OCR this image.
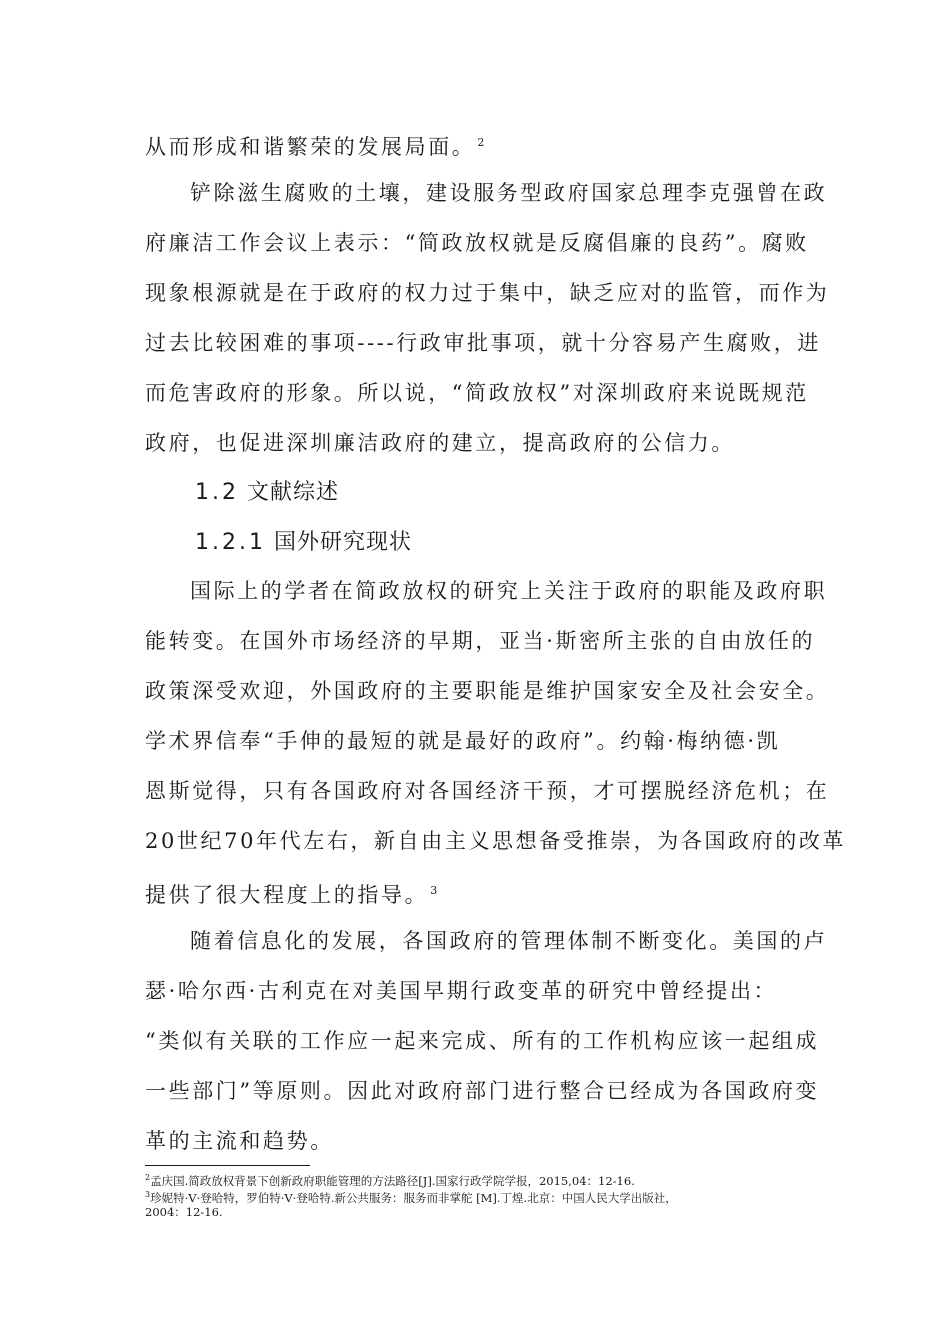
从而形成和谐繁荣的发展局面。 $^2$
铲除滋生腐败的土壤，建设服务型政府国家总理李克强曾在政
府廉洁工作会议上表示：“简政放权就是反腐倡廉的良药”。腐败
现象根源就是在于政府的权力过于集中，缺乏应对的监管，而作为
过去比较困难的事项----行政审批事项，就十分容易产生腐败，进
而危害政府的形象。所以说，“简政放权”对深圳政府来说既规范
政府，也促进深圳廉洁政府的建立，提高政府的公信力。
1.2 文献综述
1.2.1 国外研究现状
国际上的学者在简政放权的研究上关注于政府的职能及政府职
能转变。在国外市场经济的早期，亚当·斯密所主张的自由放任的
政策深受欢迎，外国政府的主要职能是维护国家安全及社会安全。
学术界信奉“手伸的最短的就是最好的政府”。约翰·梅纳德·凯
恩斯觉得，只有各国政府对各国经济干预，才可摆脱经济危机；在
20世纪70年代左右，新自由主义思想备受推崇，为各国政府的改革
提供了很大程度上的指导。 $^3$
随着信息化的发展，各国政府的管理体制不断变化。美国的卢
瑟·哈尔西·古利克在对美国早期行政变革的研究中曾经提出：
“类似有关联的工作应一起来完成、所有的工作机构应该一起组成
一些部门”等原则。因此对政府部门进行整合已经成为各国政府变
革的主流和趋势。
$^2$孟庆国.简政放权背景下创新政府职能管理的方法路径[J].国家行政学院学报，2015,04：12-16.
$^3$珍妮特·V·登哈特，罗伯特·V·登哈特.新公共服务：服务而非掌舵 [M].丁煌.北京：中国人民大学出版社，
2004：12-16.
